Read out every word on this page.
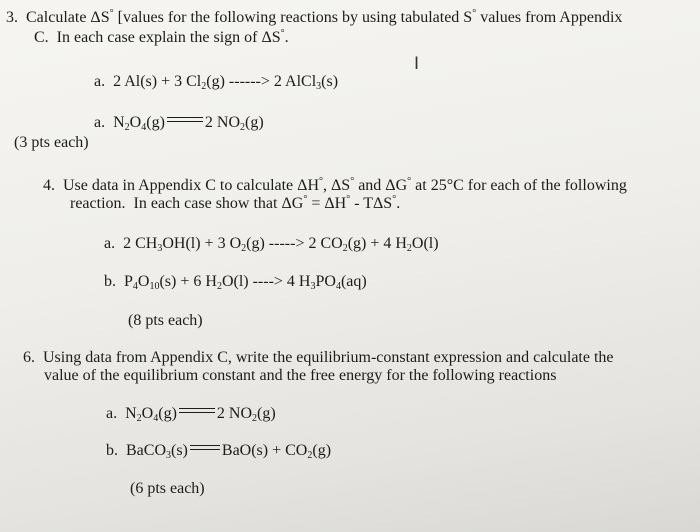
3.  Calculate ΔS° [values for the following reactions by using tabulated S° values from Appendix
C.  In each case explain the sign of ΔS°.
I
a.  2 Al(s) + 3 $Cl_2(g)$ ------> 2 AlCl$_3$(s)
a.  $N_2O_4(g)$	2 $NO_2(g)$
(3 pts each)
4.  Use data in Appendix C to calculate ΔH°, ΔS° and ΔG° at 25°C for each of the following
reaction.  In each case show that ΔG° = ΔH° - TΔS°.
a.  2 $CH_3OH(l) + 3$ $O_2(g)$ -----> 2 $CO_2(g) + 4$ $H_2O(l)$
b.  $P_4O_{10}(s) + 6$ $H_2O(l)$ ----> 4 $H_3PO_4(aq)$
(8 pts each)
6.  Using data from Appendix C, write the equilibrium-constant expression and calculate the
value of the equilibrium constant and the free energy for the following reactions
a.  $N_2O_4(g)$	2 $NO_2(g)$
b.  BaCO$_3$(s) $BaO(s) + CO_2(g)$
(6 pts each)
